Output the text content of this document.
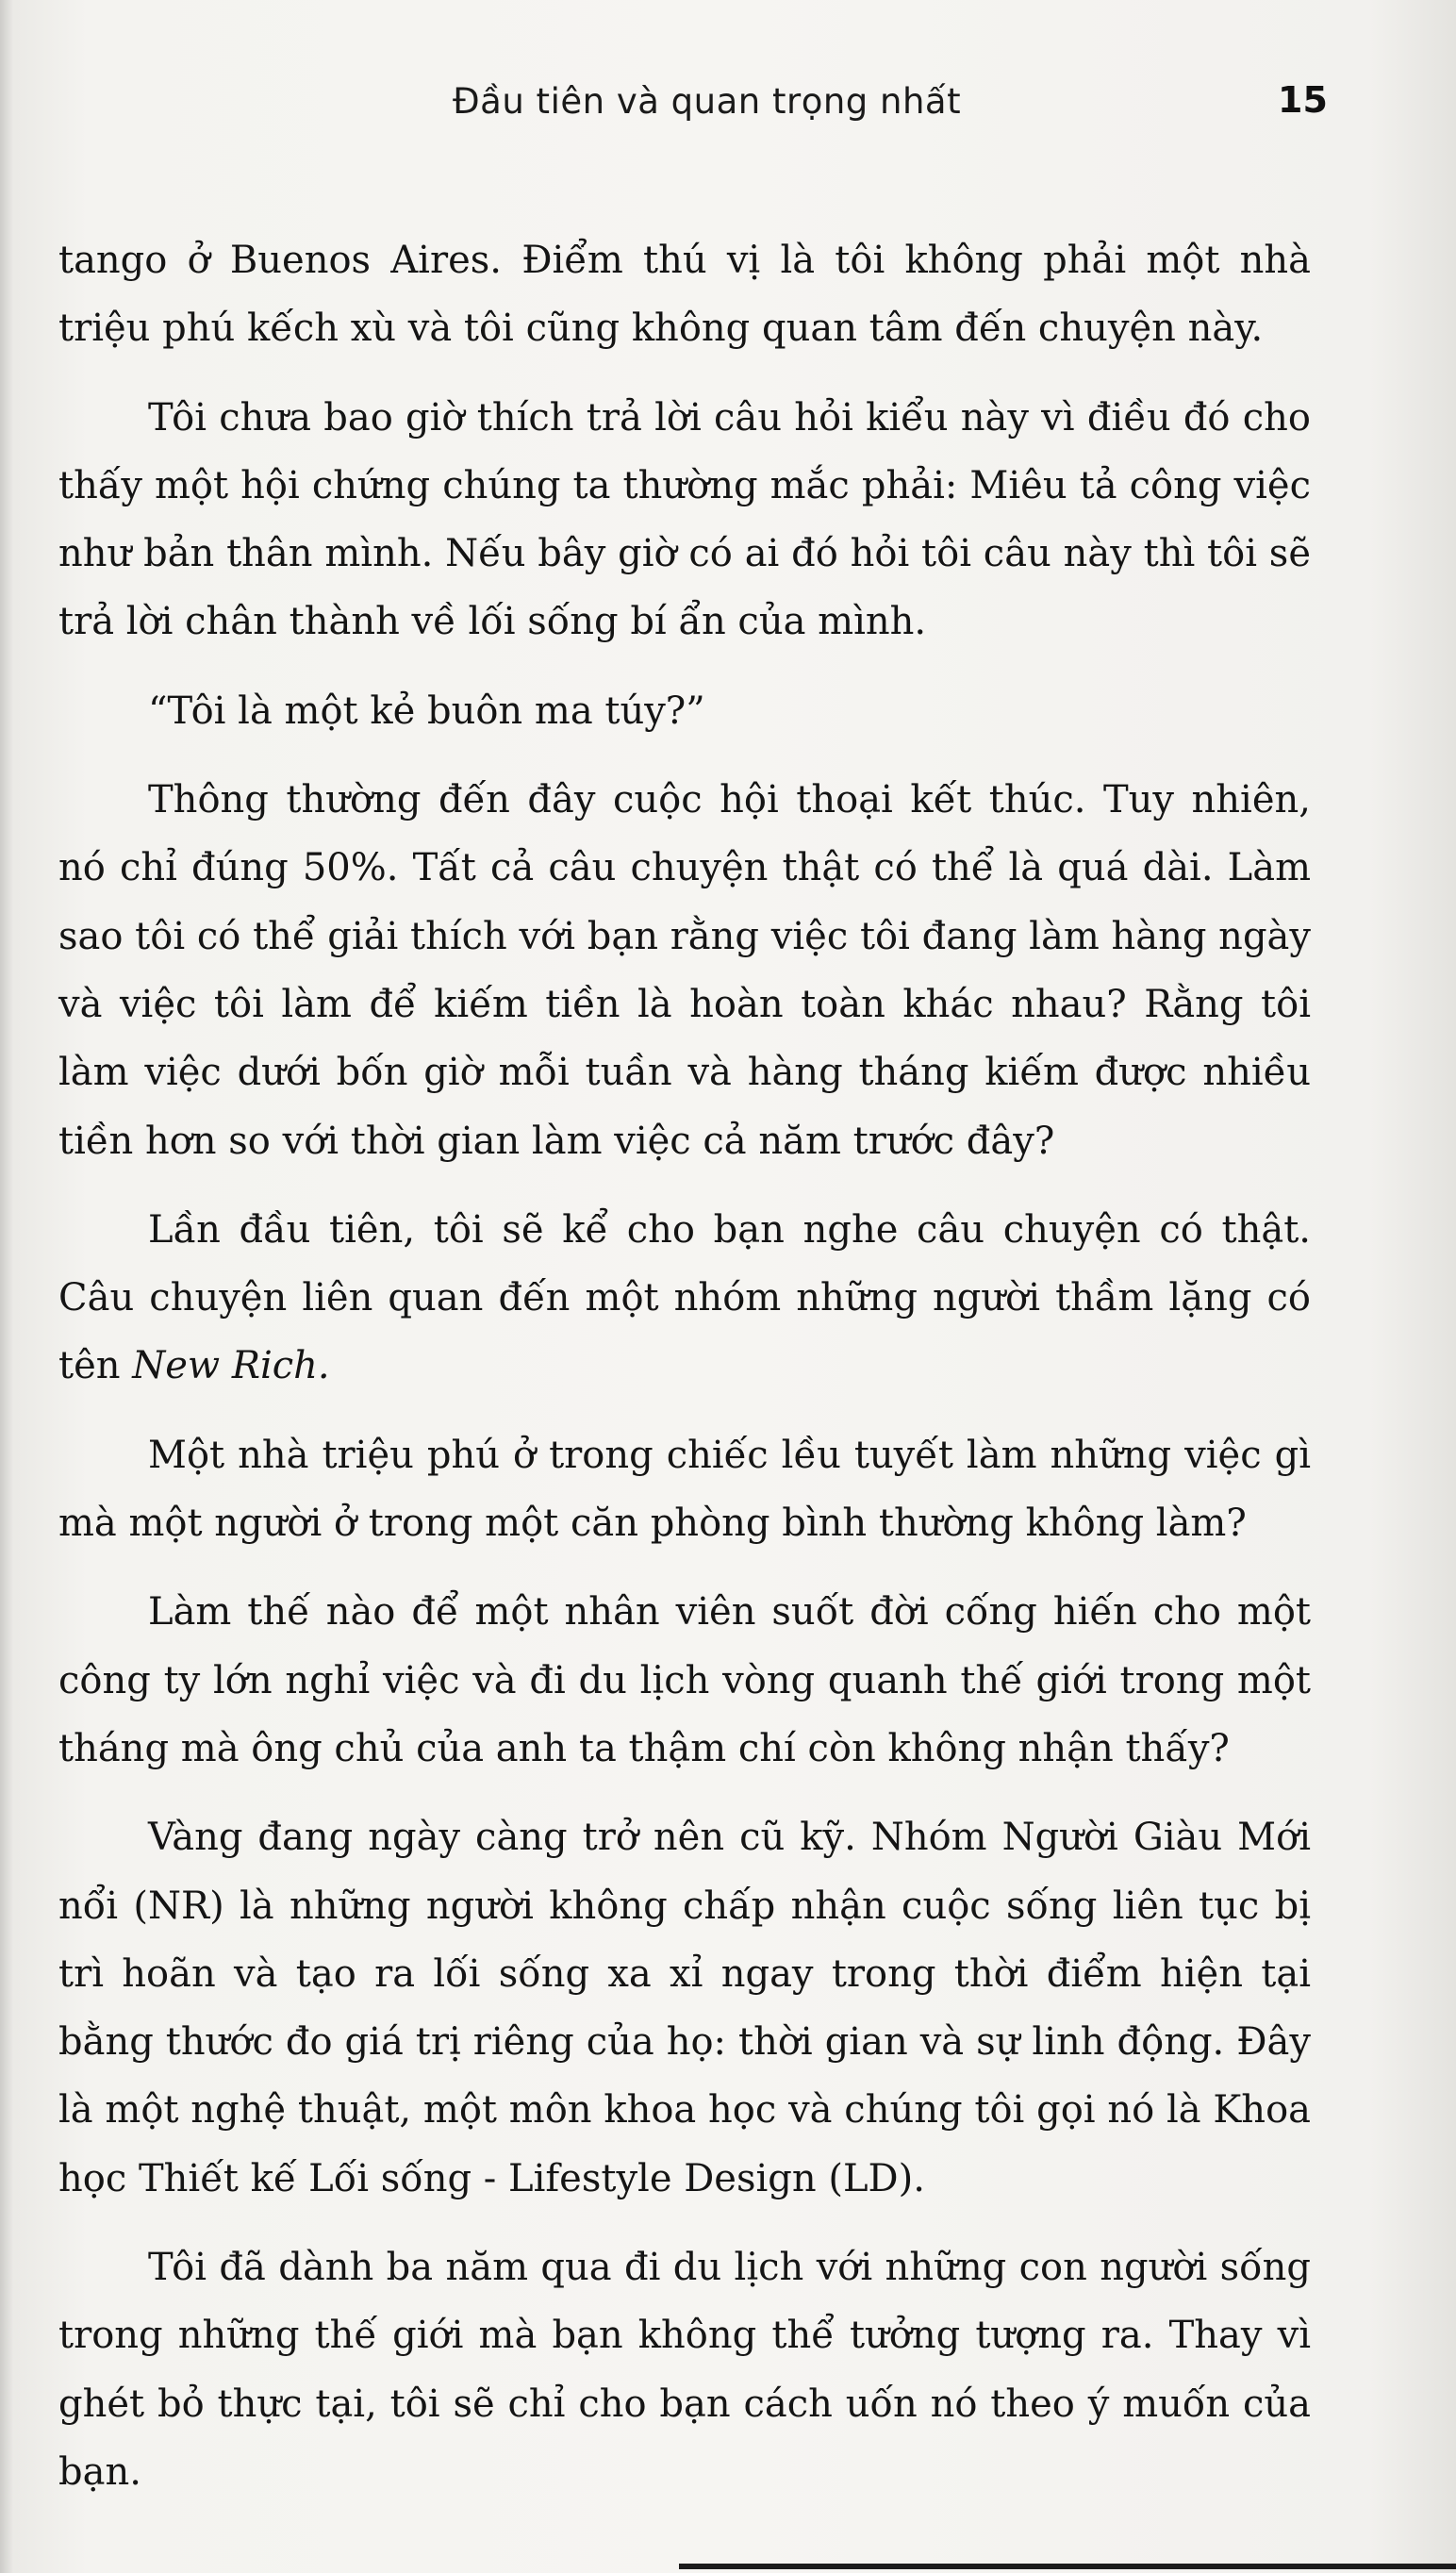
Đầu tiên và quan trọng nhất	15

tango ở Buenos Aires. Điểm thú vị là tôi không phải một nhà triệu phú kếch xù và tôi cũng không quan tâm đến chuyện này.

Tôi chưa bao giờ thích trả lời câu hỏi kiểu này vì điều đó cho thấy một hội chứng chúng ta thường mắc phải: Miêu tả công việc như bản thân mình. Nếu bây giờ có ai đó hỏi tôi câu này thì tôi sẽ trả lời chân thành về lối sống bí ẩn của mình.

“Tôi là một kẻ buôn ma túy?”

Thông thường đến đây cuộc hội thoại kết thúc. Tuy nhiên, nó chỉ đúng 50%. Tất cả câu chuyện thật có thể là quá dài. Làm sao tôi có thể giải thích với bạn rằng việc tôi đang làm hàng ngày và việc tôi làm để kiếm tiền là hoàn toàn khác nhau? Rằng tôi làm việc dưới bốn giờ mỗi tuần và hàng tháng kiếm được nhiều tiền hơn so với thời gian làm việc cả năm trước đây?

Lần đầu tiên, tôi sẽ kể cho bạn nghe câu chuyện có thật. Câu chuyện liên quan đến một nhóm những người thầm lặng có tên New Rich.

Một nhà triệu phú ở trong chiếc lều tuyết làm những việc gì mà một người ở trong một căn phòng bình thường không làm?

Làm thế nào để một nhân viên suốt đời cống hiến cho một công ty lớn nghỉ việc và đi du lịch vòng quanh thế giới trong một tháng mà ông chủ của anh ta thậm chí còn không nhận thấy?

Vàng đang ngày càng trở nên cũ kỹ. Nhóm Người Giàu Mới nổi (NR) là những người không chấp nhận cuộc sống liên tục bị trì hoãn và tạo ra lối sống xa xỉ ngay trong thời điểm hiện tại bằng thước đo giá trị riêng của họ: thời gian và sự linh động. Đây là một nghệ thuật, một môn khoa học và chúng tôi gọi nó là Khoa học Thiết kế Lối sống - Lifestyle Design (LD).

Tôi đã dành ba năm qua đi du lịch với những con người sống trong những thế giới mà bạn không thể tưởng tượng ra. Thay vì ghét bỏ thực tại, tôi sẽ chỉ cho bạn cách uốn nó theo ý muốn của bạn.
